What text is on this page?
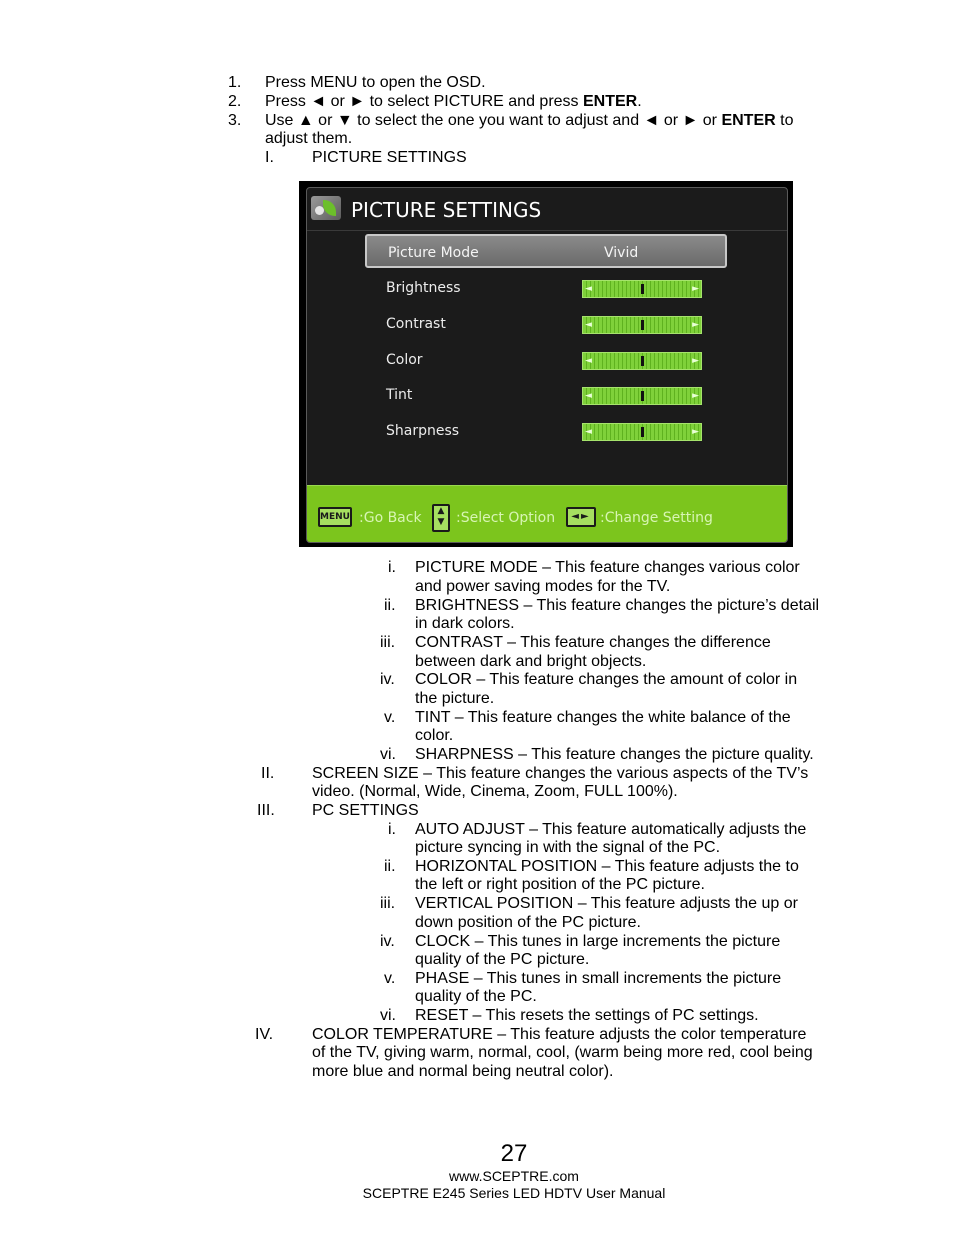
1. Press MENU to open the OSD.
2. Press ◄ or ► to select PICTURE and press ENTER.
3. Use ▲ or ▼ to select the one you want to adjust and ◄ or ► or ENTER to
adjust them.
I. PICTURE SETTINGS
PICTURE SETTINGS
Picture Mode	Vivid
Brightness	◄	►
Contrast	◄	►
Color	◄	►
Tint	◄	►
Sharpness	◄	►
MENU :Go Back	▲
▼ :Select Option	◄► :Change Setting
i. PICTURE MODE – This feature changes various color
and power saving modes for the TV.
ii. BRIGHTNESS – This feature changes the picture’s detail
in dark colors.
iii. CONTRAST – This feature changes the difference
between dark and bright objects.
iv. COLOR – This feature changes the amount of color in
the picture.
v. TINT – This feature changes the white balance of the
color.
vi. SHARPNESS – This feature changes the picture quality.
II. SCREEN SIZE – This feature changes the various aspects of the TV’s
video. (Normal, Wide, Cinema, Zoom, FULL 100%).
III. PC SETTINGS
i. AUTO ADJUST – This feature automatically adjusts the
picture syncing in with the signal of the PC.
ii. HORIZONTAL POSITION – This feature adjusts the to
the left or right position of the PC picture.
iii. VERTICAL POSITION – This feature adjusts the up or
down position of the PC picture.
iv. CLOCK – This tunes in large increments the picture
quality of the PC picture.
v. PHASE – This tunes in small increments the picture
quality of the PC.
vi. RESET – This resets the settings of PC settings.
IV. COLOR TEMPERATURE – This feature adjusts the color temperature
of the TV, giving warm, normal, cool, (warm being more red, cool being
more blue and normal being neutral color).
27
www.SCEPTRE.com
SCEPTRE E245 Series LED HDTV User Manual
